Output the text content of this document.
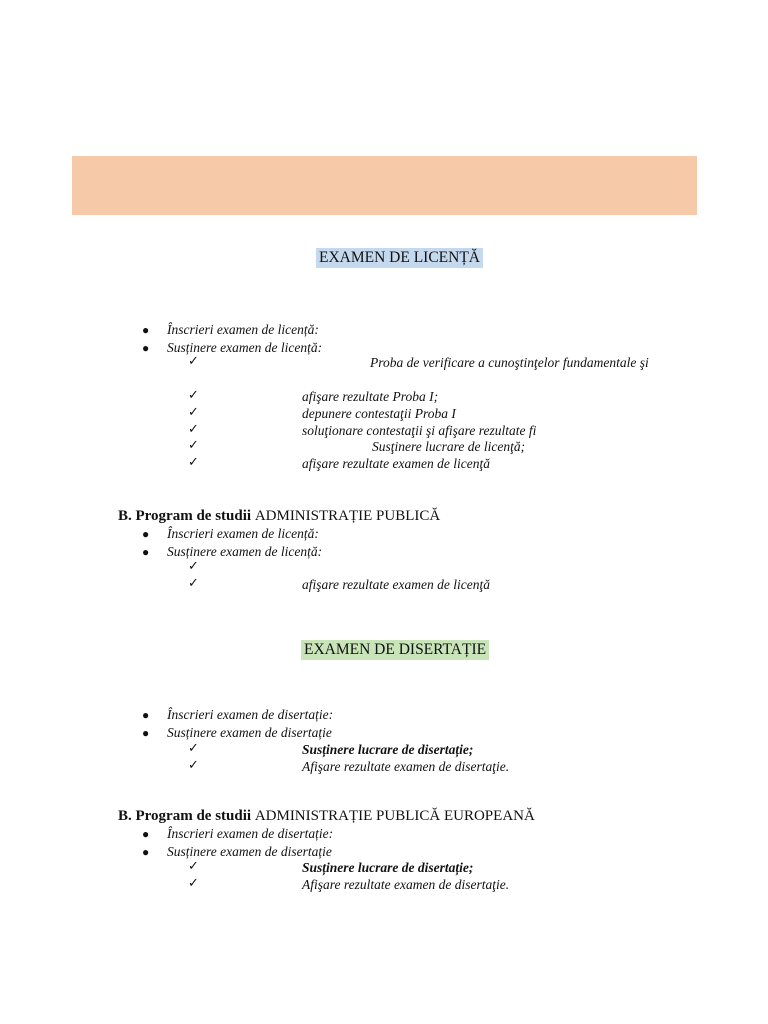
EXAMEN DE LICENȚĂ
● Înscrieri examen de licență:
● Susținere examen de licență:
✓	Proba de verificare a cunoştinţelor fundamentale şi
✓	afişare rezultate Proba I;
✓	depunere contestaţii Proba I
✓	soluţionare contestaţii şi afişare rezultate fi
✓	Susţinere lucrare de licenţă;
✓	afişare rezultate examen de licenţă
B. Program de studii ADMINISTRAȚIE PUBLICĂ
● Înscrieri examen de licență:
● Susținere examen de licență:
✓
✓	afişare rezultate examen de licenţă
EXAMEN DE DISERTAȚIE
● Înscrieri examen de disertație:
● Susținere examen de disertație
✓	Susținere lucrare de disertație;
✓	Afişare rezultate examen de disertaţie.
B. Program de studii ADMINISTRAȚIE PUBLICĂ EUROPEANĂ
● Înscrieri examen de disertație:
● Susținere examen de disertație
✓	Susținere lucrare de disertație;
✓	Afişare rezultate examen de disertaţie.
